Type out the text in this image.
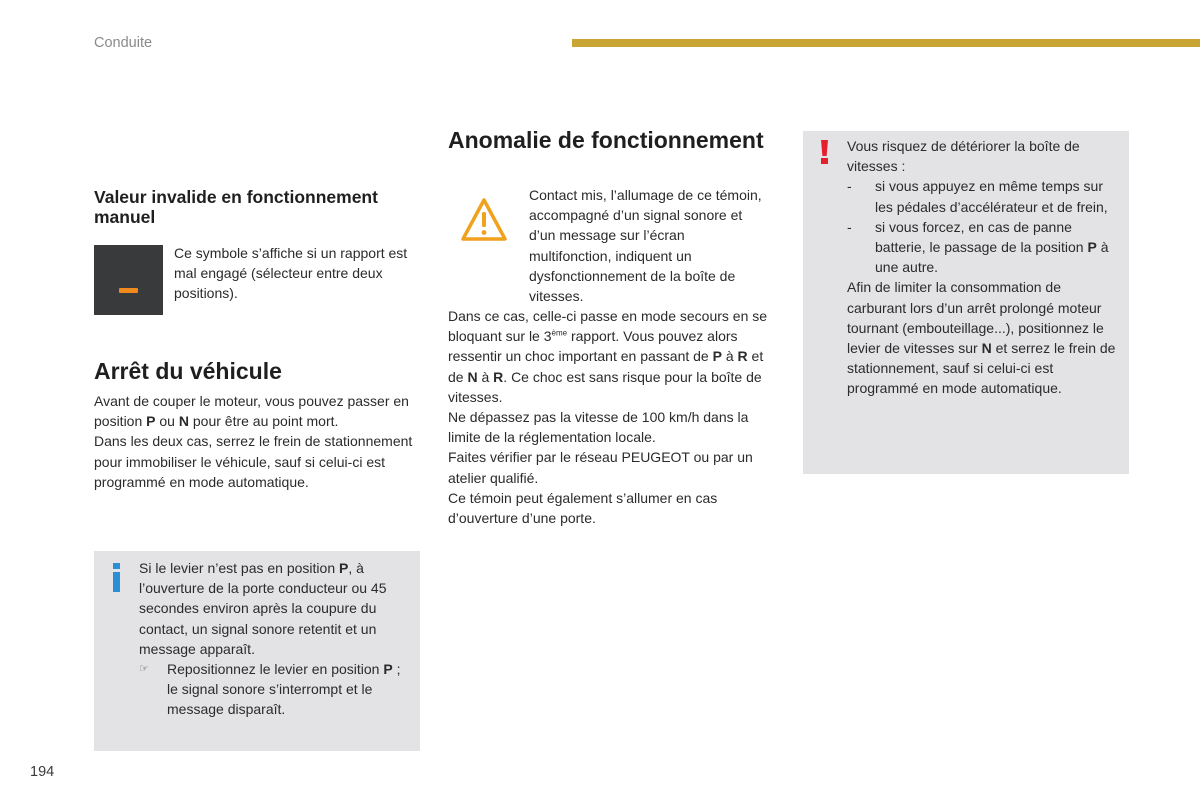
Conduite
Valeur invalide en fonctionnement manuel

Ce symbole s’affiche si un rapport est mal engagé (sélecteur entre deux positions).

Arrêt du véhicule

Avant de couper le moteur, vous pouvez passer en position P ou N pour être au point mort.

Dans les deux cas, serrez le frein de stationnement pour immobiliser le véhicule, sauf si celui-ci est programmé en mode automatique.

Si le levier n’est pas en position P, à l’ouverture de la porte conducteur ou 45 secondes environ après la coupure du contact, un signal sonore retentit et un message apparaît.

☞ Repositionnez le levier en position P ; le signal sonore s’interrompt et le message disparaît.
Anomalie de fonctionnement

Contact mis, l’allumage de ce témoin, accompagné d’un signal sonore et d’un message sur l’écran multifonction, indiquent un dysfonctionnement de la boîte de vitesses.

Dans ce cas, celle-ci passe en mode secours en se bloquant sur le 3ème rapport. Vous pouvez alors ressentir un choc important en passant de P à R et de N à R. Ce choc est sans risque pour la boîte de vitesses.

Ne dépassez pas la vitesse de 100 km/h dans la limite de la réglementation locale.

Faites vérifier par le réseau PEUGEOT ou par un atelier qualifié.

Ce témoin peut également s’allumer en cas d’ouverture d’une porte.

Vous risquez de détériorer la boîte de vitesses :

- si vous appuyez en même temps sur les pédales d’accélérateur et de frein,
- si vous forcez, en cas de panne batterie, le passage de la position P à une autre.

Afin de limiter la consommation de carburant lors d’un arrêt prolongé moteur tournant (embouteillage...), positionnez le levier de vitesses sur N et serrez le frein de stationnement, sauf si celui-ci est programmé en mode automatique.

194
